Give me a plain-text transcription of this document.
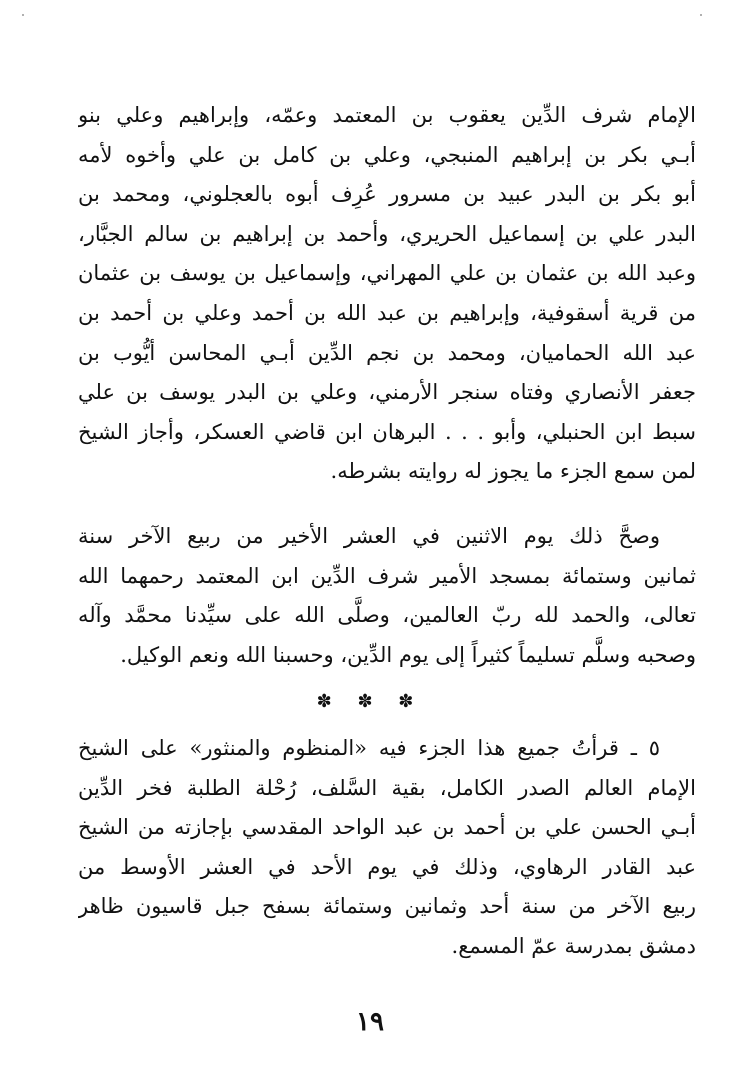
الإمام شرف الدِّين يعقوب بن المعتمد وعمّه، وإبراهيم وعلي بنو
أبـي بكر بن إبراهيم المنبجي، وعلي بن كامل بن علي وأخوه لأمه
أبو بكر بن البدر عبيد بن مسرور عُرِف أبوه بالعجلوني، ومحمد بن
البدر علي بن إسماعيل الحريري، وأحمد بن إبراهيم بن سالم الجبَّار،
وعبد الله بن عثمان بن علي المهراني، وإسماعيل بن يوسف بن عثمان
من قرية أسقوفية، وإبراهيم بن عبد الله بن أحمد وعلي بن أحمد بن
عبد الله الحماميان، ومحمد بن نجم الدِّين أبـي المحاسن أيُّوب بن
جعفر الأنصاري وفتاه سنجر الأرمني، وعلي بن البدر يوسف بن علي
سبط ابن الحنبلي، وأبو . . . البرهان ابن قاضي العسكر، وأجاز الشيخ
لمن سمع الجزء ما يجوز له روايته بشرطه.
وصحَّ ذلك يوم الاثنين في العشر الأخير من ربيع الآخر سنة
ثمانين وستمائة بمسجد الأمير شرف الدِّين ابن المعتمد رحمهما الله
تعالى، والحمد لله ربّ العالمين، وصلَّى الله على سيِّدنا محمَّد وآله
وصحبه وسلَّم تسليماً كثيراً إلى يوم الدِّين، وحسبنا الله ونعم الوكيل.
✽ ✽ ✽
٥ ـ قرأتُ جميع هذا الجزء فيه «المنظوم والمنثور» على الشيخ
الإمام العالم الصدر الكامل، بقية السَّلف، رُحْلة الطلبة فخر الدِّين
أبـي الحسن علي بن أحمد بن عبد الواحد المقدسي بإجازته من الشيخ
عبد القادر الرهاوي، وذلك في يوم الأحد في العشر الأوسط من
ربيع الآخر من سنة أحد وثمانين وستمائة بسفح جبل قاسيون ظاهر
دمشق بمدرسة عمّ المسمع.
١٩
